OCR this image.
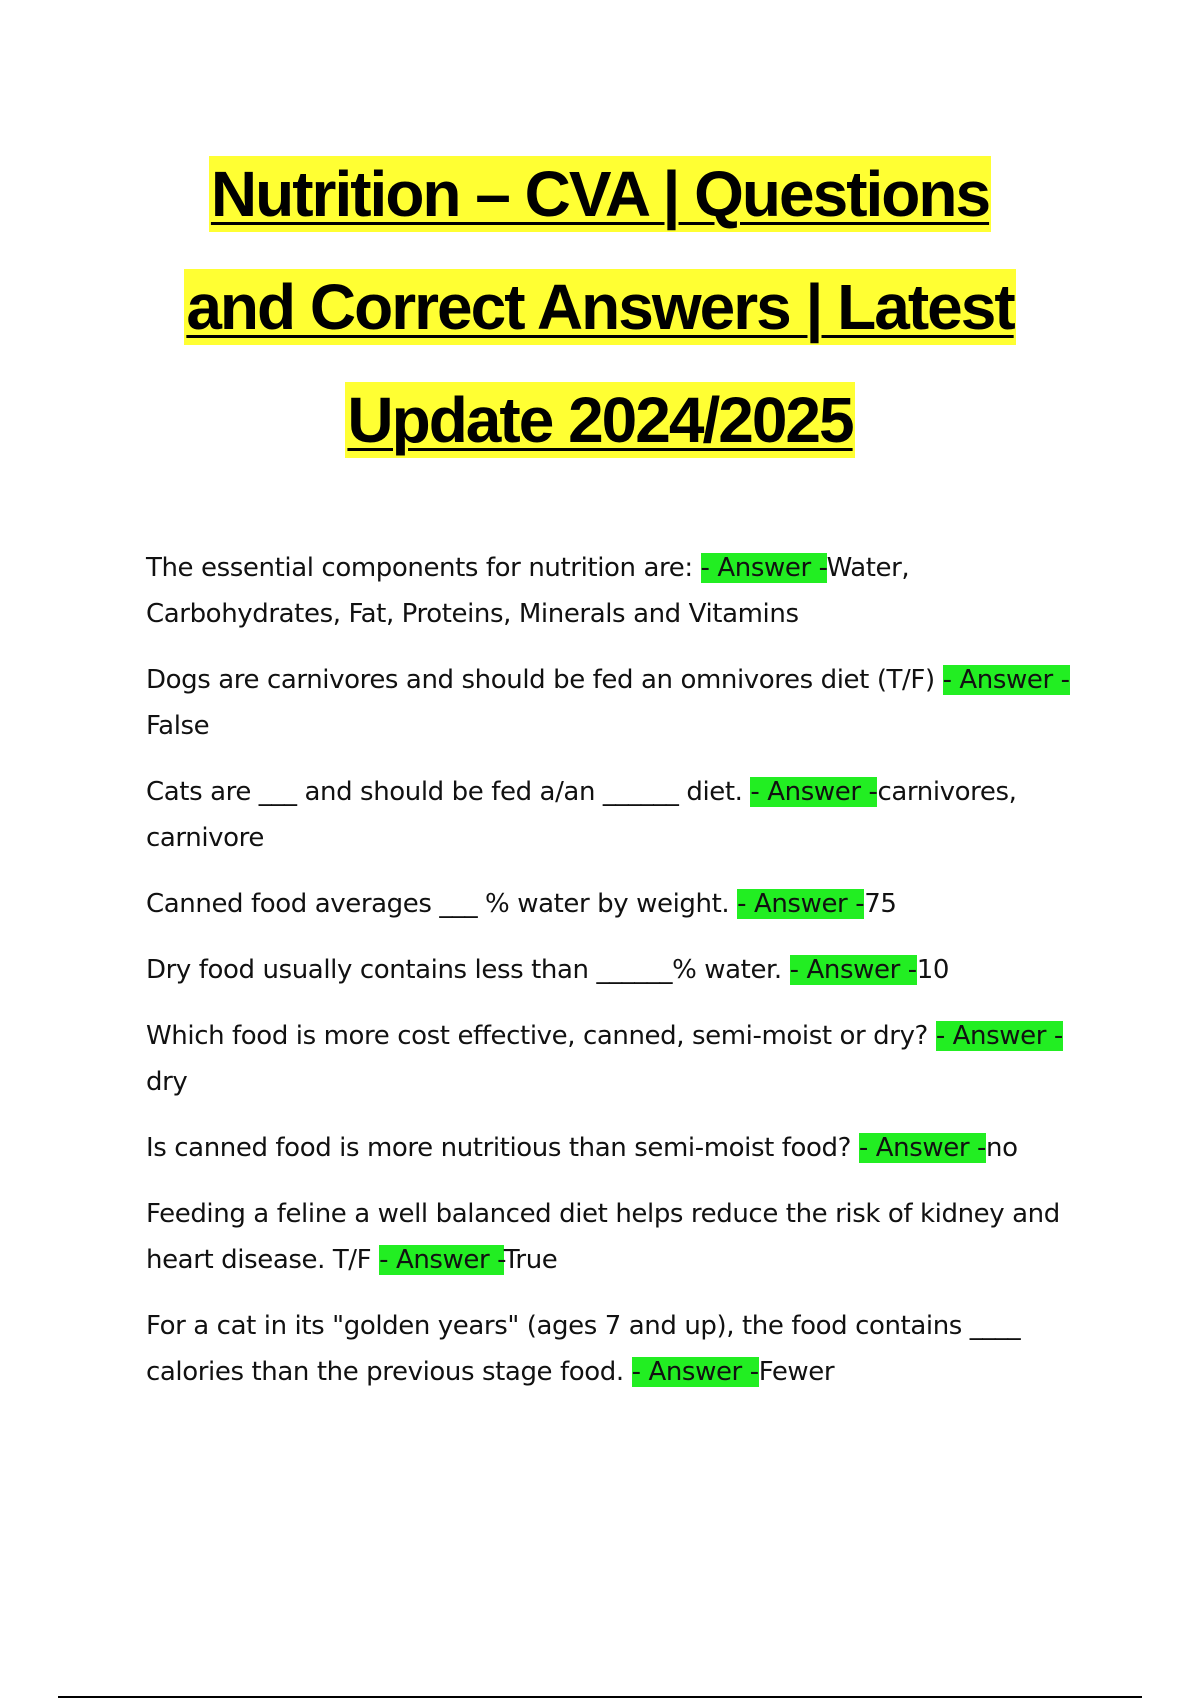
Nutrition – CVA | Questions
and Correct Answers | Latest
Update 2024/2025

The essential components for nutrition are: - Answer -Water, Carbohydrates, Fat, Proteins, Minerals and Vitamins

Dogs are carnivores and should be fed an omnivores diet (T/F) - Answer -False

Cats are ___ and should be fed a/an ______ diet. - Answer -carnivores, carnivore

Canned food averages ___ % water by weight. - Answer -75

Dry food usually contains less than ______% water. - Answer -10

Which food is more cost effective, canned, semi-moist or dry? - Answer -dry

Is canned food is more nutritious than semi-moist food? - Answer -no

Feeding a feline a well balanced diet helps reduce the risk of kidney and heart disease. T/F - Answer -True

For a cat in its "golden years" (ages 7 and up), the food contains ____ calories than the previous stage food. - Answer -Fewer
